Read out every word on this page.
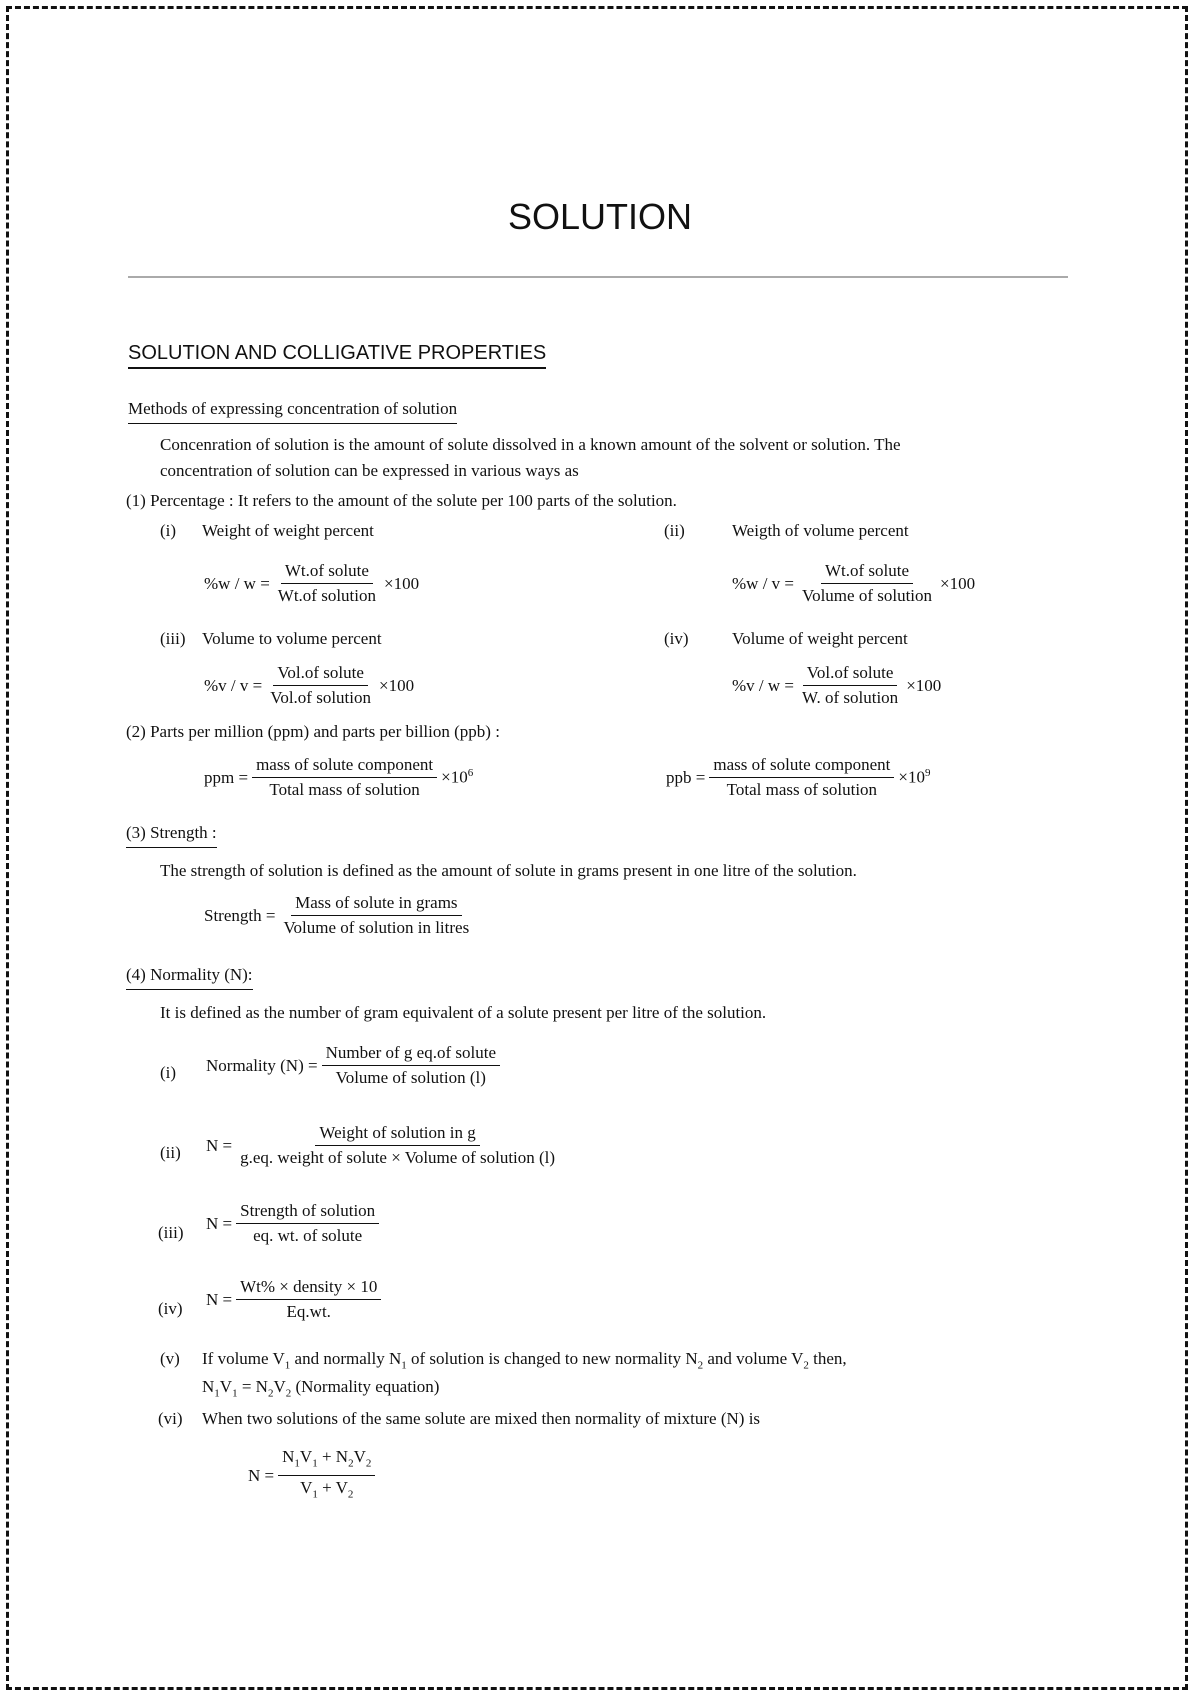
SOLUTION
SOLUTION AND COLLIGATIVE PROPERTIES
Methods of expressing concentration of solution
Concenration of solution is the amount of solute dissolved in a known amount of the solvent or solution. The
concentration of solution can be expressed in various ways as
(1) Percentage : It refers to the amount of the solute per 100 parts of the solution.
(i) Weight of weight percent	(ii)	Weigth of volume percent
$\%w / w = \frac{\text{Wt.of solute}}{\text{Wt.of solution}} \times 100$	$\%w / v = \frac{\text{Wt.of solute}}{\text{Volume of solution}} \times 100$
(iii) Volume to volume percent	(iv)	Volume of weight percent
$\%v / v = \frac{\text{Vol.of solute}}{\text{Vol.of solution}} \times 100$	$\%v / w = \frac{\text{Vol.of solute}}{\text{W. of solution}} \times 100$
(2) Parts per million (ppm) and parts per billion (ppb) :
ppm = $\frac{\text{mass of solute component}}{\text{Total mass of solution}} \times 10^6$	ppb = $\frac{\text{mass of solute component}}{\text{Total mass of solution}} \times 10^9$
(3) Strength :
The strength of solution is defined as the amount of solute in grams present in one litre of the solution.
Strength = $\frac{\text{Mass of solute in grams}}{\text{Volume of solution in litres}}$
(4) Normality (N):
It is defined as the number of gram equivalent of a solute present per litre of the solution.
(i) Normality $(N) = \frac{\text{Number of g eq.of solute}}{\text{Volume of solution (l)}}$
(ii) $N = \frac{\text{Weight of solution in g}}{\text{g.eq. weight of solute × Volume of solution (l)}}$
(iii) $N = \frac{\text{Strength of solution}}{\text{eq. wt. of solute}}$
(iv) $N = \frac{\text{Wt\% × density × 10}}{Eq.wt.}$
(v) If volume $V_1$ and normally $N_1$ of solution is changed to new normality $N_2$ and volume $V_2$ then,
$N_1V_1 = N_2V_2$ (Normality equation)
(vi) When two solutions of the same solute are mixed then normality of mixture (N) is
$N = \frac{N_1V_1 + N_2V_2}{V_1 + V_2}$
